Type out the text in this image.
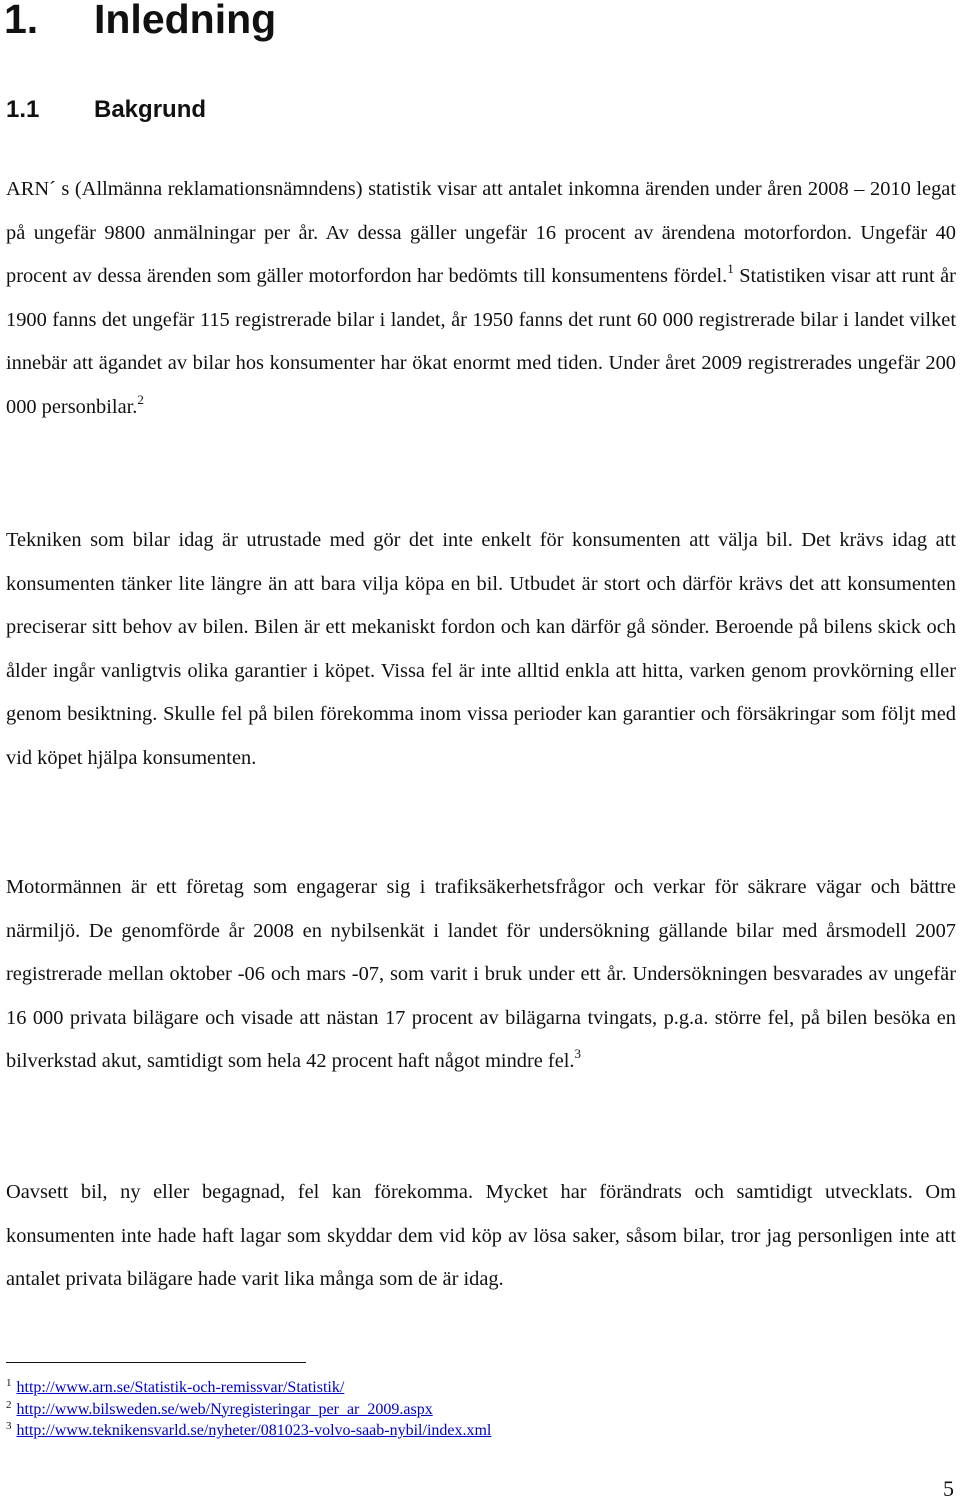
1. Inledning
1.1 Bakgrund

ARN´ s (Allmänna reklamationsnämndens) statistik visar att antalet inkomna ärenden under åren 2008 – 2010 legat på ungefär 9800 anmälningar per år. Av dessa gäller ungefär 16 procent av ärendena motorfordon. Ungefär 40 procent av dessa ärenden som gäller motorfordon har bedömts till konsumentens fördel.$^1$ Statistiken visar att runt år 1900 fanns det ungefär 115 registrerade bilar i landet, år 1950 fanns det runt 60 000 registrerade bilar i landet vilket innebär att ägandet av bilar hos konsumenter har ökat enormt med tiden. Under året 2009 registrerades ungefär 200 000 personbilar.$^2$

Tekniken som bilar idag är utrustade med gör det inte enkelt för konsumenten att välja bil. Det krävs idag att konsumenten tänker lite längre än att bara vilja köpa en bil. Utbudet är stort och därför krävs det att konsumenten preciserar sitt behov av bilen. Bilen är ett mekaniskt fordon och kan därför gå sönder. Beroende på bilens skick och ålder ingår vanligtvis olika garantier i köpet. Vissa fel är inte alltid enkla att hitta, varken genom provkörning eller genom besiktning. Skulle fel på bilen förekomma inom vissa perioder kan garantier och försäkringar som följt med vid köpet hjälpa konsumenten.

Motormännen är ett företag som engagerar sig i trafiksäkerhetsfrågor och verkar för säkrare vägar och bättre närmiljö. De genomförde år 2008 en nybilsenkät i landet för undersökning gällande bilar med årsmodell 2007 registrerade mellan oktober -06 och mars -07, som varit i bruk under ett år. Undersökningen besvarades av ungefär 16 000 privata bilägare och visade att nästan 17 procent av bilägarna tvingats, p.g.a. större fel, på bilen besöka en bilverkstad akut, samtidigt som hela 42 procent haft något mindre fel.$^3$

Oavsett bil, ny eller begagnad, fel kan förekomma. Mycket har förändrats och samtidigt utvecklats. Om konsumenten inte hade haft lagar som skyddar dem vid köp av lösa saker, såsom bilar, tror jag personligen inte att antalet privata bilägare hade varit lika många som de är idag.

$^1$ http://www.arn.se/Statistik-och-remissvar/Statistik/
$^2$ http://www.bilsweden.se/web/Nyregisteringar_per_ar_2009.aspx
$^3$ http://www.teknikensvarld.se/nyheter/081023-volvo-saab-nybil/index.xml
5
